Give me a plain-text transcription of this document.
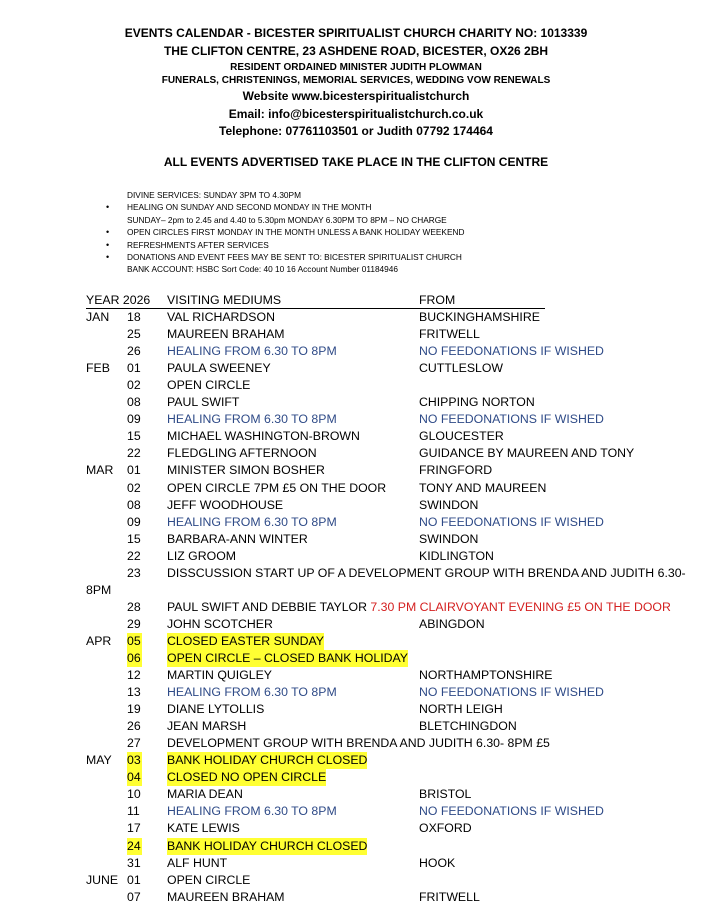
EVENTS CALENDAR - BICESTER SPIRITUALIST CHURCH CHARITY NO: 1013339
THE CLIFTON CENTRE, 23 ASHDENE ROAD, BICESTER, OX26 2BH
RESIDENT ORDAINED MINISTER JUDITH PLOWMAN
FUNERALS, CHRISTENINGS, MEMORIAL SERVICES, WEDDING VOW RENEWALS
Website www.bicesterspiritualistchurch
Email: info@bicesterspiritualistchurch.co.uk
Telephone: 07761103501 or Judith 07792 174464
ALL EVENTS ADVERTISED TAKE PLACE IN THE CLIFTON CENTRE
DIVINE SERVICES: SUNDAY 3PM TO 4.30PM
• HEALING ON SUNDAY AND SECOND MONDAY IN THE MONTH
SUNDAY– 2pm to 2.45 and 4.40 to 5.30pm MONDAY 6.30PM TO 8PM – NO CHARGE
• OPEN CIRCLES FIRST MONDAY IN THE MONTH UNLESS A BANK HOLIDAY WEEKEND
• REFRESHMENTS AFTER SERVICES
• DONATIONS AND EVENT FEES MAY BE SENT TO: BICESTER SPIRITUALIST CHURCH
BANK ACCOUNT: HSBC Sort Code: 40 10 16 Account Number 01184946
YEAR 2026 VISITING MEDIUMS	FROM
JAN 18 VAL RICHARDSON	BUCKINGHAMSHIRE
25 MAUREEN BRAHAM	FRITWELL
26 HEALING FROM 6.30 TO 8PM	NO FEEDONATIONS IF WISHED
FEB 01 PAULA SWEENEY	CUTTLESLOW
02 OPEN CIRCLE
08 PAUL SWIFT	CHIPPING NORTON
09 HEALING FROM 6.30 TO 8PM	NO FEEDONATIONS IF WISHED
15 MICHAEL WASHINGTON-BROWN	GLOUCESTER
22 FLEDGLING AFTERNOON	GUIDANCE BY MAUREEN AND TONY
MAR 01 MINISTER SIMON BOSHER	FRINGFORD
02 OPEN CIRCLE 7PM £5 ON THE DOOR	TONY AND MAUREEN
08 JEFF WOODHOUSE	SWINDON
09 HEALING FROM 6.30 TO 8PM	NO FEEDONATIONS IF WISHED
15 BARBARA-ANN WINTER	SWINDON
22 LIZ GROOM	KIDLINGTON
23 DISSCUSSION START UP OF A DEVELOPMENT GROUP WITH BRENDA AND JUDITH 6.30-
8PM
28 PAUL SWIFT AND DEBBIE TAYLOR 7.30 PM CLAIRVOYANT EVENING £5 ON THE DOOR
29 JOHN SCOTCHER	ABINGDON
APR 05 CLOSED EASTER SUNDAY
06 OPEN CIRCLE – CLOSED BANK HOLIDAY
12 MARTIN QUIGLEY	NORTHAMPTONSHIRE
13 HEALING FROM 6.30 TO 8PM	NO FEEDONATIONS IF WISHED
19 DIANE LYTOLLIS	NORTH LEIGH
26 JEAN MARSH	BLETCHINGDON
27 DEVELOPMENT GROUP WITH BRENDA AND JUDITH 6.30- 8PM £5
MAY 03 BANK HOLIDAY CHURCH CLOSED
04 CLOSED NO OPEN CIRCLE
10 MARIA DEAN	BRISTOL
11 HEALING FROM 6.30 TO 8PM	NO FEEDONATIONS IF WISHED
17 KATE LEWIS	OXFORD
24 BANK HOLIDAY CHURCH CLOSED
31 ALF HUNT	HOOK
JUNE 01 OPEN CIRCLE
07 MAUREEN BRAHAM	FRITWELL
